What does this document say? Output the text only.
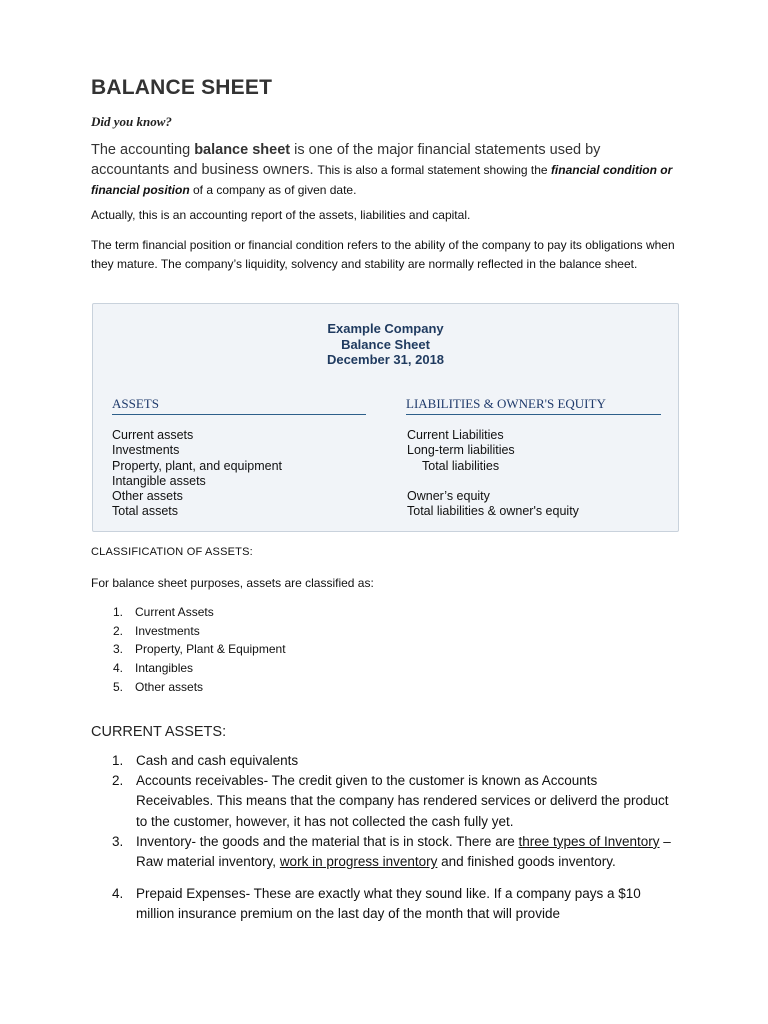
BALANCE SHEET
Did you know?
The accounting balance sheet is one of the major financial statements used by accountants and business owners. This is also a formal statement showing the financial condition or financial position of a company as of given date.
Actually, this is an accounting report of the assets, liabilities and capital.
The term financial position or financial condition refers to the ability of the company to pay its obligations when they mature. The company’s liquidity, solvency and stability are normally reflected in the balance sheet.
Example Company
Balance Sheet
December 31, 2018
ASSETS	LIABILITIES & OWNER'S EQUITY
Current assets
Investments
Property, plant, and equipment
Intangible assets
Other assets
Total assets
Current Liabilities
Long-term liabilities
Total liabilities
Owner’s equity
Total liabilities & owner's equity
CLASSIFICATION OF ASSETS:
For balance sheet purposes, assets are classified as:
1. Current Assets
2. Investments
3. Property, Plant & Equipment
4. Intangibles
5. Other assets
CURRENT ASSETS:
1. Cash and cash equivalents
2. Accounts receivables- The credit given to the customer is known as Accounts Receivables. This means that the company has rendered services or deliverd the product to the customer, however, it has not collected the cash fully yet.
3. Inventory- the goods and the material that is in stock. There are three types of Inventory – Raw material inventory, work in progress inventory and finished goods inventory.
4. Prepaid Expenses- These are exactly what they sound like. If a company pays a $10 million insurance premium on the last day of the month that will provide
